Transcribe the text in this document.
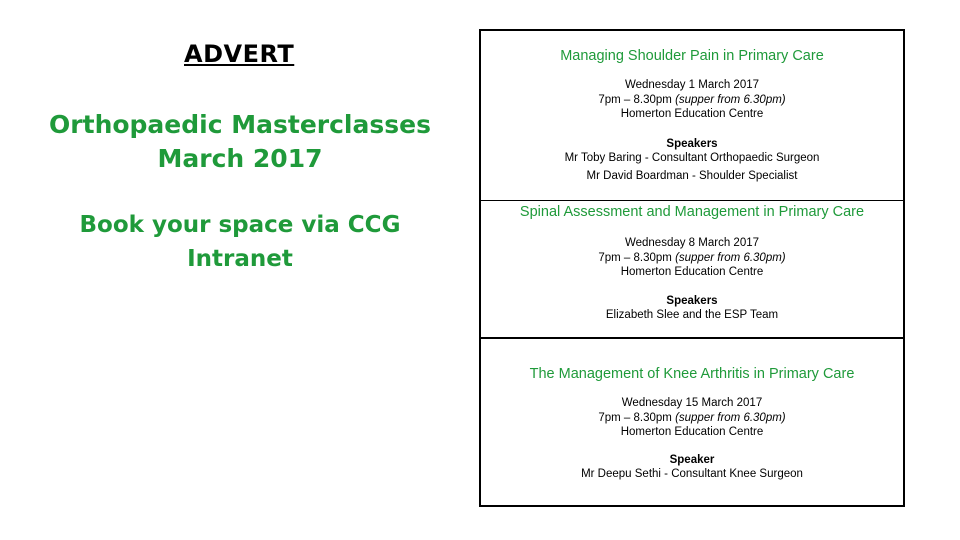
ADVERT
Orthopaedic Masterclasses
March 2017
Book your space via CCG
Intranet
Managing Shoulder Pain in Primary Care
Wednesday 1 March 2017
7pm – 8.30pm (supper from 6.30pm)
Homerton Education Centre
Speakers
Mr Toby Baring - Consultant Orthopaedic Surgeon
Mr David Boardman - Shoulder Specialist
Spinal Assessment and Management in Primary Care
Wednesday 8 March 2017
7pm – 8.30pm (supper from 6.30pm)
Homerton Education Centre
Speakers
Elizabeth Slee and the ESP Team
The Management of Knee Arthritis in Primary Care
Wednesday 15 March 2017
7pm – 8.30pm (supper from 6.30pm)
Homerton Education Centre
Speaker
Mr Deepu Sethi - Consultant Knee Surgeon
